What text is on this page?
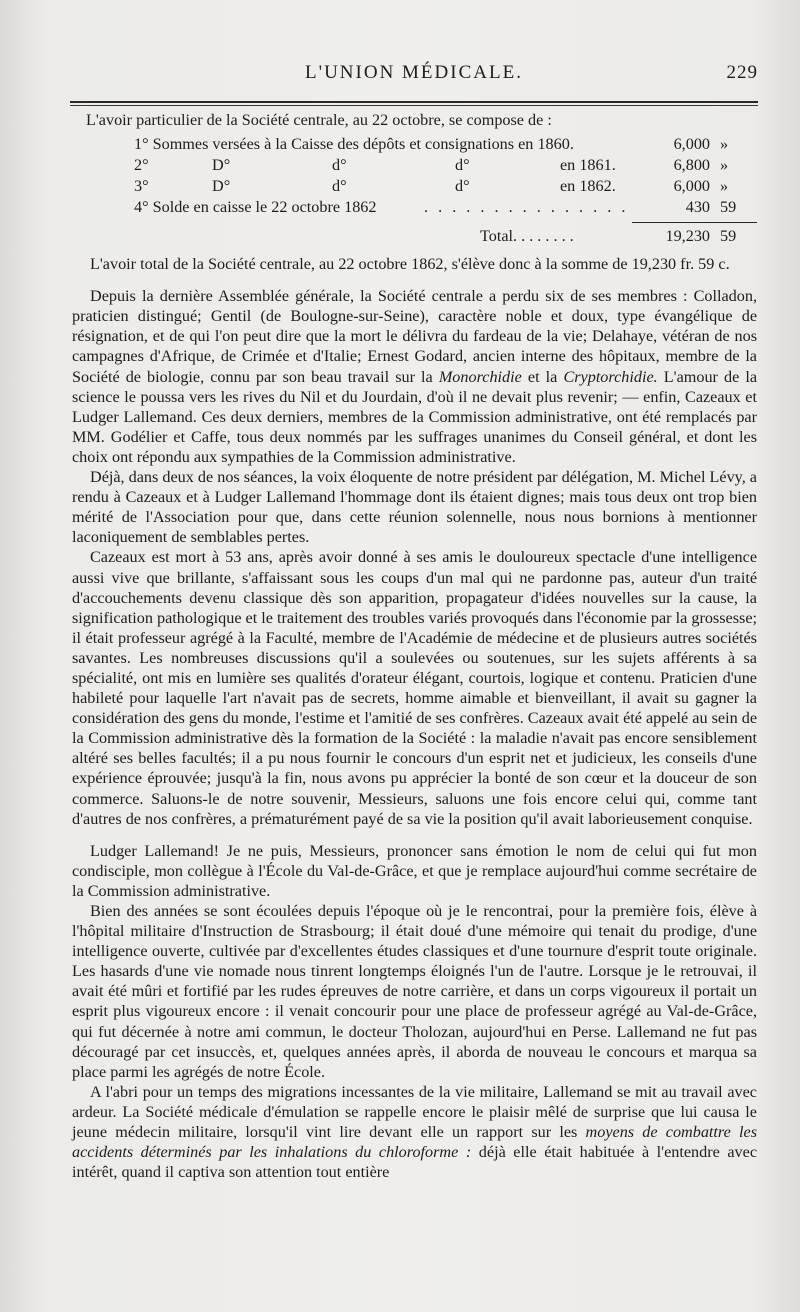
L'UNION MÉDICALE.	229

L'avoir particulier de la Société centrale, au 22 octobre, se compose de :

1° Sommes versées à la Caisse des dépôts et consignations en 1860.	6,000 »
2°	D°	d°	d°	en 1861.	6,800 »
3°	D°	d°	d°	en 1862.	6,000 »
4° Solde en caisse le 22 octobre 1862	. . . . . . . . . . . . . . .	430 59
Total. . . . . . . .	19,230 59

L'avoir total de la Société centrale, au 22 octobre 1862, s'élève donc à la somme de 19,230 fr. 59 c.

Depuis la dernière Assemblée générale, la Société centrale a perdu six de ses membres : Colladon, praticien distingué; Gentil (de Boulogne-sur-Seine), caractère noble et doux, type évangélique de résignation, et de qui l'on peut dire que la mort le délivra du fardeau de la vie; Delahaye, vétéran de nos campagnes d'Afrique, de Crimée et d'Italie; Ernest Godard, ancien interne des hôpitaux, membre de la Société de biologie, connu par son beau travail sur la Monorchidie et la Cryptorchidie. L'amour de la science le poussa vers les rives du Nil et du Jourdain, d'où il ne devait plus revenir; — enfin, Cazeaux et Ludger Lallemand. Ces deux derniers, membres de la Commission administrative, ont été remplacés par MM. Godélier et Caffe, tous deux nommés par les suffrages unanimes du Conseil général, et dont les choix ont répondu aux sympathies de la Commission administrative.

Déjà, dans deux de nos séances, la voix éloquente de notre président par délégation, M. Michel Lévy, a rendu à Cazeaux et à Ludger Lallemand l'hommage dont ils étaient dignes; mais tous deux ont trop bien mérité de l'Association pour que, dans cette réunion solennelle, nous nous bornions à mentionner laconiquement de semblables pertes.

Cazeaux est mort à 53 ans, après avoir donné à ses amis le douloureux spectacle d'une intelligence aussi vive que brillante, s'affaissant sous les coups d'un mal qui ne pardonne pas, auteur d'un traité d'accouchements devenu classique dès son apparition, propagateur d'idées nouvelles sur la cause, la signification pathologique et le traitement des troubles variés provoqués dans l'économie par la grossesse; il était professeur agrégé à la Faculté, membre de l'Académie de médecine et de plusieurs autres sociétés savantes. Les nombreuses discussions qu'il a soulevées ou soutenues, sur les sujets afférents à sa spécialité, ont mis en lumière ses qualités d'orateur élégant, courtois, logique et contenu. Praticien d'une habileté pour laquelle l'art n'avait pas de secrets, homme aimable et bienveillant, il avait su gagner la considération des gens du monde, l'estime et l'amitié de ses confrères. Cazeaux avait été appelé au sein de la Commission administrative dès la formation de la Société : la maladie n'avait pas encore sensiblement altéré ses belles facultés; il a pu nous fournir le concours d'un esprit net et judicieux, les conseils d'une expérience éprouvée; jusqu'à la fin, nous avons pu apprécier la bonté de son cœur et la douceur de son commerce. Saluons-le de notre souvenir, Messieurs, saluons une fois encore celui qui, comme tant d'autres de nos confrères, a prématurément payé de sa vie la position qu'il avait laborieusement conquise.

Ludger Lallemand! Je ne puis, Messieurs, prononcer sans émotion le nom de celui qui fut mon condisciple, mon collègue à l'École du Val-de-Grâce, et que je remplace aujourd'hui comme secrétaire de la Commission administrative.

Bien des années se sont écoulées depuis l'époque où je le rencontrai, pour la première fois, élève à l'hôpital militaire d'Instruction de Strasbourg; il était doué d'une mémoire qui tenait du prodige, d'une intelligence ouverte, cultivée par d'excellentes études classiques et d'une tournure d'esprit toute originale. Les hasards d'une vie nomade nous tinrent longtemps éloignés l'un de l'autre. Lorsque je le retrouvai, il avait été mûri et fortifié par les rudes épreuves de notre carrière, et dans un corps vigoureux il portait un esprit plus vigoureux encore : il venait concourir pour une place de professeur agrégé au Val-de-Grâce, qui fut décernée à notre ami commun, le docteur Tholozan, aujourd'hui en Perse. Lallemand ne fut pas découragé par cet insuccès, et, quelques années après, il aborda de nouveau le concours et marqua sa place parmi les agrégés de notre École.

A l'abri pour un temps des migrations incessantes de la vie militaire, Lallemand se mit au travail avec ardeur. La Société médicale d'émulation se rappelle encore le plaisir mêlé de surprise que lui causa le jeune médecin militaire, lorsqu'il vint lire devant elle un rapport sur les moyens de combattre les accidents déterminés par les inhalations du chloroforme : déjà elle était habituée à l'entendre avec intérêt, quand il captiva son attention tout entière
